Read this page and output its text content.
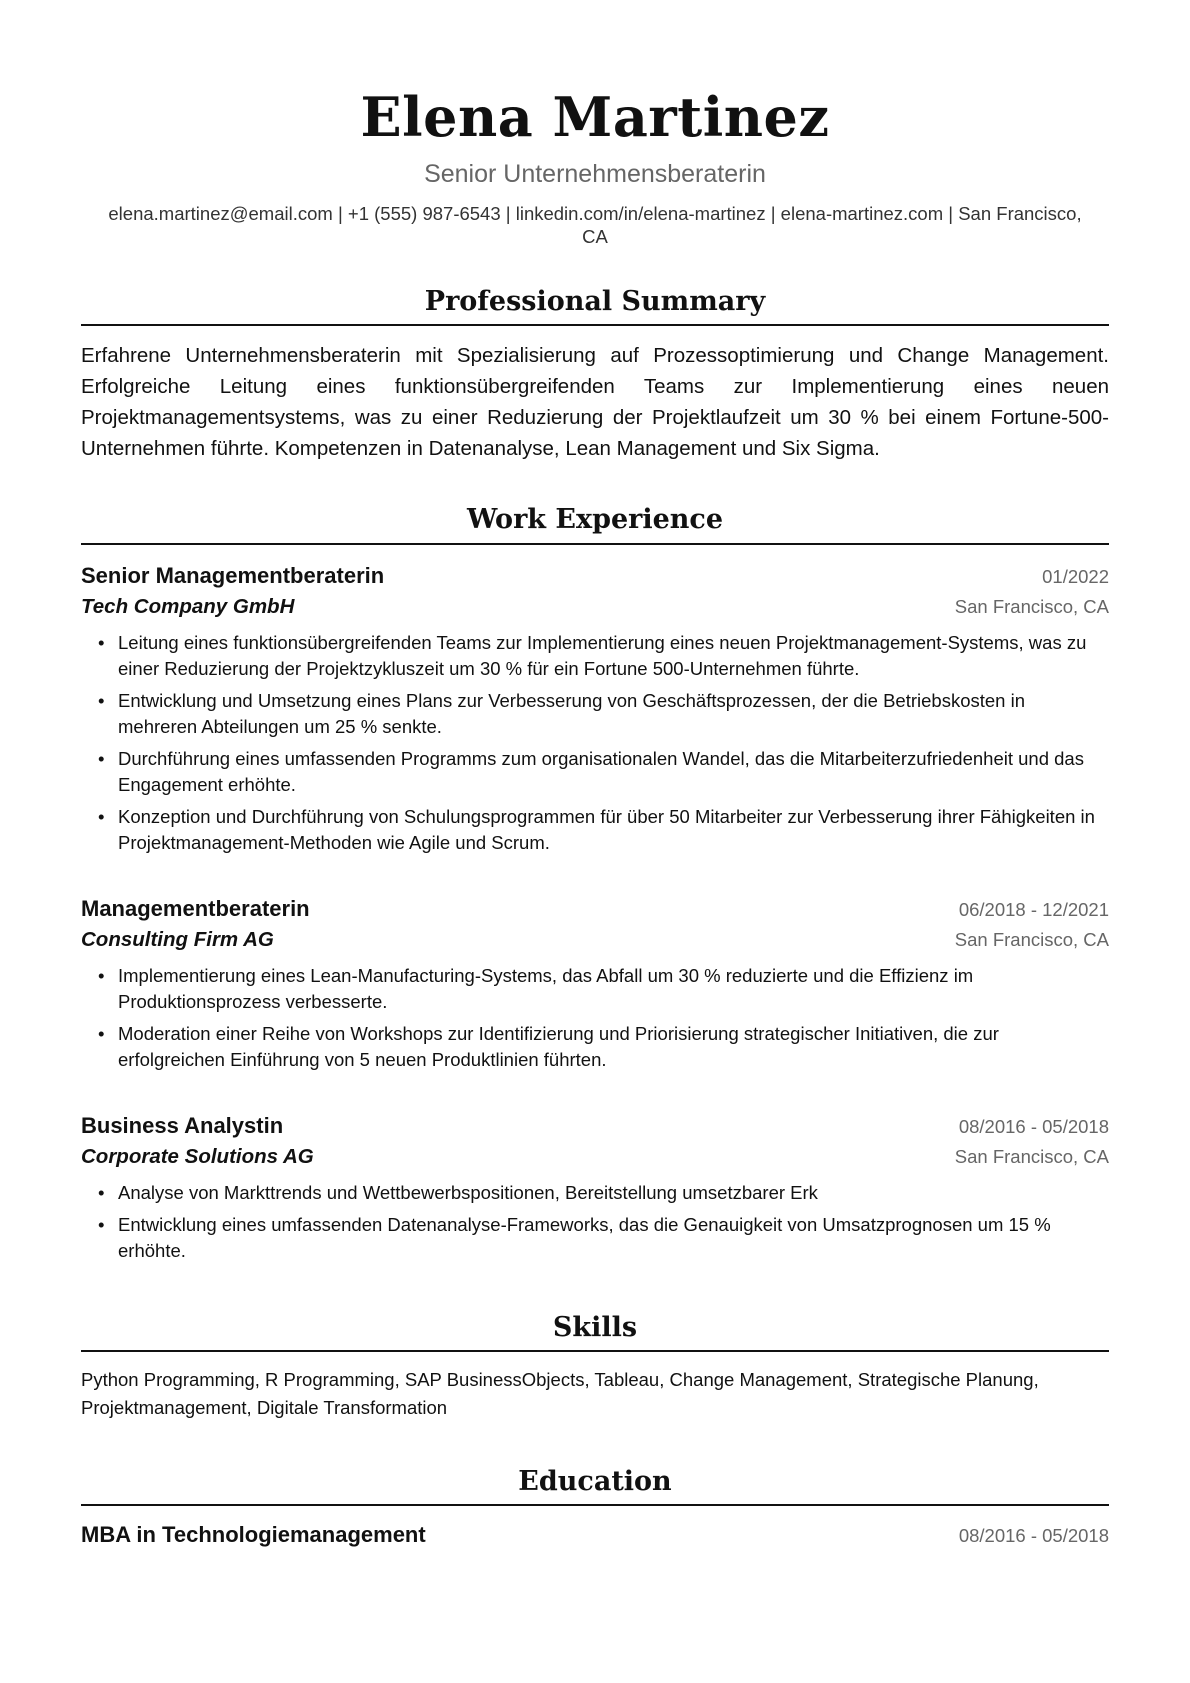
Elena Martinez
Senior Unternehmensberaterin
elena.martinez@email.com | +1 (555) 987-6543 | linkedin.com/in/elena-martinez | elena-martinez.com | San Francisco, CA
Professional Summary
Erfahrene Unternehmensberaterin mit Spezialisierung auf Prozessoptimierung und Change Management. Erfolgreiche Leitung eines funktionsübergreifenden Teams zur Implementierung eines neuen Projektmanagementsystems, was zu einer Reduzierung der Projektlaufzeit um 30 % bei einem Fortune-500-Unternehmen führte. Kompetenzen in Datenanalyse, Lean Management und Six Sigma.
Work Experience
Senior Managementberaterin	01/2022
Tech Company GmbH	San Francisco, CA
• Leitung eines funktionsübergreifenden Teams zur Implementierung eines neuen Projektmanagement-Systems, was zu einer Reduzierung der Projektzykluszeit um 30 % für ein Fortune 500-Unternehmen führte.
• Entwicklung und Umsetzung eines Plans zur Verbesserung von Geschäftsprozessen, der die Betriebskosten in mehreren Abteilungen um 25 % senkte.
• Durchführung eines umfassenden Programms zum organisationalen Wandel, das die Mitarbeiterzufriedenheit und das Engagement erhöhte.
• Konzeption und Durchführung von Schulungsprogrammen für über 50 Mitarbeiter zur Verbesserung ihrer Fähigkeiten in Projektmanagement-Methoden wie Agile und Scrum.
Managementberaterin	06/2018 - 12/2021
Consulting Firm AG	San Francisco, CA
• Implementierung eines Lean-Manufacturing-Systems, das Abfall um 30 % reduzierte und die Effizienz im Produktionsprozess verbesserte.
• Moderation einer Reihe von Workshops zur Identifizierung und Priorisierung strategischer Initiativen, die zur erfolgreichen Einführung von 5 neuen Produktlinien führten.
Business Analystin	08/2016 - 05/2018
Corporate Solutions AG	San Francisco, CA
• Analyse von Markttrends und Wettbewerbspositionen, Bereitstellung umsetzbarer Erk
• Entwicklung eines umfassenden Datenanalyse-Frameworks, das die Genauigkeit von Umsatzprognosen um 15 % erhöhte.
Skills
Python Programming, R Programming, SAP BusinessObjects, Tableau, Change Management, Strategische Planung, Projektmanagement, Digitale Transformation
Education
MBA in Technologiemanagement	08/2016 - 05/2018
